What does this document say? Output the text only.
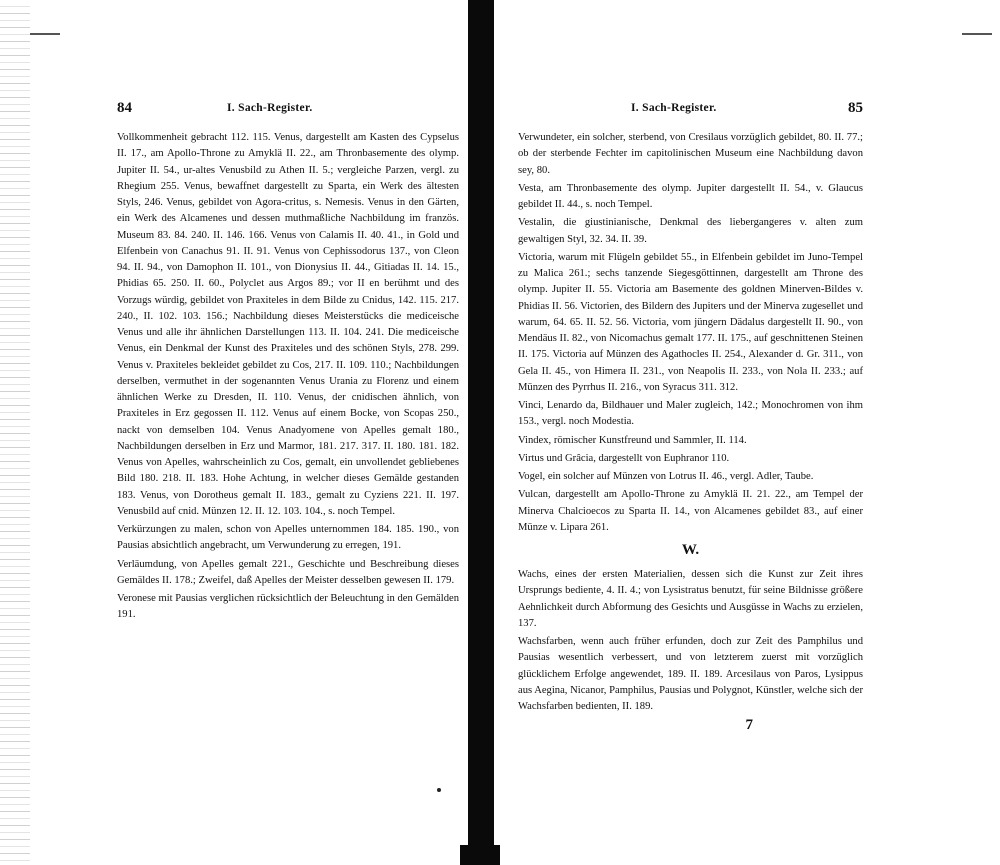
84	I. Sach-Register.

Vollkommenheit gebracht 112. 115. Venus, dargestellt am Kasten des Cypselus II. 17., am Apollo-Throne zu Amyklä II. 22., am Thronbasemente des olymp. Jupiter II. 54., ur-altes Venusbild zu Athen II. 5.; vergleiche Parzen, vergl. zu Rhegium 255. Venus, bewaffnet dargestellt zu Sparta, ein Werk des ältesten Styls, 246. Venus, gebildet von Agora-critus, s. Nemesis. Venus in den Gärten, ein Werk des Alcamenes und dessen muthmaßliche Nachbildung im französ. Museum 83. 84. 240. II. 146. 166. Venus von Calamis II. 40. 41., in Gold und Elfenbein von Canachus 91. II. 91. Venus von Cephissodorus 137., von Cleon 94. II. 94., von Damophon II. 101., von Dionysius II. 44., Gitiadas II. 14. 15., Phidias 65. 250. II. 60., Polyclet aus Argos 89.; vor II en berühmt und des Vorzugs würdig, gebildet von Praxiteles in dem Bilde zu Cnidus, 142. 115. 217. 240., II. 102. 103. 156.; Nachbildung dieses Meisterstücks die mediceische Venus und alle ihr ähnlichen Darstellungen 113. II. 104. 241. Die mediceische Venus, ein Denkmal der Kunst des Praxiteles und des schönen Styls, 278. 299. Venus v. Praxiteles bekleidet gebildet zu Cos, 217. II. 109. 110.; Nachbildungen derselben, vermuthet in der sogenannten Venus Urania zu Florenz und einem ähnlichen Werke zu Dresden, II. 110. Venus, der cnidischen ähnlich, von Praxiteles in Erz gegossen II. 112. Venus auf einem Bocke, von Scopas 250., nackt von demselben 104. Venus Anadyomene von Apelles gemalt 180., Nachbildungen derselben in Erz und Marmor, 181. 217. 317. II. 180. 181. 182. Venus von Apelles, wahrscheinlich zu Cos, gemalt, ein unvollendet gebliebenes Bild 180. 218. II. 183. Hohe Achtung, in welcher dieses Gemälde gestanden 183. Venus, von Dorotheus gemalt II. 183., gemalt zu Cyziens 221. II. 197. Venusbild auf cnid. Münzen 12. II. 12. 103. 104., s. noch Tempel.

Verkürzungen zu malen, schon von Apelles unternommen 184. 185. 190., von Pausias absichtlich angebracht, um Verwunderung zu erregen, 191.

Verläumdung, von Apelles gemalt 221., Geschichte und Beschreibung dieses Gemäldes II. 178.; Zweifel, daß Apelles der Meister desselben gewesen II. 179.

Veronese mit Pausias verglichen rücksichtlich der Beleuchtung in den Gemälden 191.

I. Sach-Register.	85

Verwundeter, ein solcher, sterbend, von Cresilaus vorzüglich gebildet, 80. II. 77.; ob der sterbende Fechter im capitolinischen Museum eine Nachbildung davon sey, 80.

Vesta, am Thronbasemente des olymp. Jupiter dargestellt II. 54., v. Glaucus gebildet II. 44., s. noch Tempel.

Vestalin, die giustinianische, Denkmal des liebergangeres v. alten zum gewaltigen Styl, 32. 34. II. 39.

Victoria, warum mit Flügeln gebildet 55., in Elfenbein gebildet im Juno-Tempel zu Malica 261.; sechs tanzende Siegesgöttinnen, dargestellt am Throne des olymp. Jupiter II. 55. Victoria am Basemente des goldnen Minerven-Bildes v. Phidias II. 56. Victorien, des Bildern des Jupiters und der Minerva zugesellet und warum, 64. 65. II. 52. 56. Victoria, vom jüngern Dädalus dargestellt II. 90., von Mendäus II. 82., von Nicomachus gemalt 177. II. 175., auf geschnittenen Steinen II. 175. Victoria auf Münzen des Agathocles II. 254., Alexander d. Gr. 311., von Gela II. 45., von Himera II. 231., von Neapolis II. 233., von Nola II. 233.; auf Münzen des Pyrrhus II. 216., von Syracus 311. 312.

Vinci, Lenardo da, Bildhauer und Maler zugleich, 142.; Monochromen von ihm 153., vergl. noch Modestia.

Vindex, römischer Kunstfreund und Sammler, II. 114.

Virtus und Grâcia, dargestellt von Euphranor 110.

Vogel, ein solcher auf Münzen von Lotrus II. 46., vergl. Adler, Taube.

Vulcan, dargestellt am Apollo-Throne zu Amyklä II. 21. 22., am Tempel der Minerva Chalcioecos zu Sparta II. 14., von Alcamenes gebildet 83., auf einer Münze v. Lipara 261.

W.

Wachs, eines der ersten Materialien, dessen sich die Kunst zur Zeit ihres Ursprungs bediente, 4. II. 4.; von Lysistratus benutzt, für seine Bildnisse größere Aehnlichkeit durch Abformung des Gesichts und Ausgüsse in Wachs zu erzielen, 137.

Wachsfarben, wenn auch früher erfunden, doch zur Zeit des Pamphilus und Pausias wesentlich verbessert, und von letzterem zuerst mit vorzüglich glücklichem Erfolge angewendet, 189. II. 189. Arcesilaus von Paros, Lysippus aus Aegina, Nicanor, Pamphilus, Pausias und Polygnot, Künstler, welche sich der Wachsfarben bedienten, II. 189.

7
